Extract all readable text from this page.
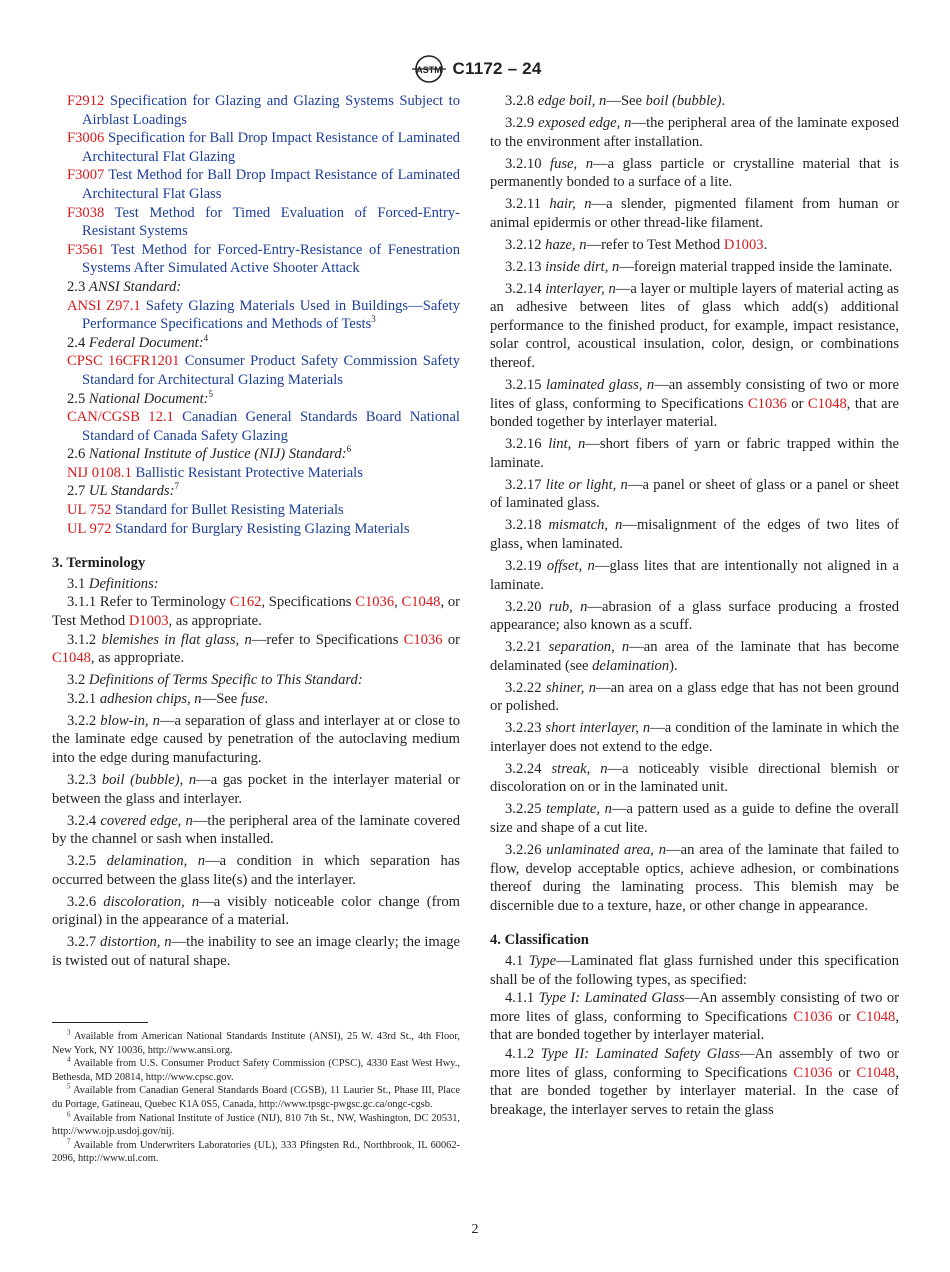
ASTM C1172 – 24
F2912 Specification for Glazing and Glazing Systems Subject to Airblast Loadings
F3006 Specification for Ball Drop Impact Resistance of Laminated Architectural Flat Glazing
F3007 Test Method for Ball Drop Impact Resistance of Laminated Architectural Flat Glass
F3038 Test Method for Timed Evaluation of Forced-Entry-Resistant Systems
F3561 Test Method for Forced-Entry-Resistance of Fenestration Systems After Simulated Active Shooter Attack
2.3 ANSI Standard:
ANSI Z97.1 Safety Glazing Materials Used in Buildings—Safety Performance Specifications and Methods of Tests$^3$
2.4 Federal Document:$^4$
CPSC 16CFR1201 Consumer Product Safety Commission Safety Standard for Architectural Glazing Materials
2.5 National Document:$^5$
CAN/CGSB 12.1 Canadian General Standards Board National Standard of Canada Safety Glazing
2.6 National Institute of Justice (NIJ) Standard:$^6$
NIJ 0108.1 Ballistic Resistant Protective Materials
2.7 UL Standards:$^7$
UL 752 Standard for Bullet Resisting Materials
UL 972 Standard for Burglary Resisting Glazing Materials
3. Terminology
3.1 Definitions:
3.1.1 Refer to Terminology C162, Specifications C1036, C1048, or Test Method D1003, as appropriate.
3.1.2 blemishes in flat glass, n—refer to Specifications C1036 or C1048, as appropriate.
3.2 Definitions of Terms Specific to This Standard:
3.2.1 adhesion chips, n—See fuse.
3.2.2 blow-in, n—a separation of glass and interlayer at or close to the laminate edge caused by penetration of the autoclaving medium into the edge during manufacturing.
3.2.3 boil (bubble), n—a gas pocket in the interlayer material or between the glass and interlayer.
3.2.4 covered edge, n—the peripheral area of the laminate covered by the channel or sash when installed.
3.2.5 delamination, n—a condition in which separation has occurred between the glass lite(s) and the interlayer.
3.2.6 discoloration, n—a visibly noticeable color change (from original) in the appearance of a material.
3.2.7 distortion, n—the inability to see an image clearly; the image is twisted out of natural shape.
3.2.8 edge boil, n—See boil (bubble).
3.2.9 exposed edge, n—the peripheral area of the laminate exposed to the environment after installation.
3.2.10 fuse, n—a glass particle or crystalline material that is permanently bonded to a surface of a lite.
3.2.11 hair, n—a slender, pigmented filament from human or animal epidermis or other thread-like filament.
3.2.12 haze, n—refer to Test Method D1003.
3.2.13 inside dirt, n—foreign material trapped inside the laminate.
3.2.14 interlayer, n—a layer or multiple layers of material acting as an adhesive between lites of glass which add(s) additional performance to the finished product, for example, impact resistance, solar control, acoustical insulation, color, design, or combinations thereof.
3.2.15 laminated glass, n—an assembly consisting of two or more lites of glass, conforming to Specifications C1036 or C1048, that are bonded together by interlayer material.
3.2.16 lint, n—short fibers of yarn or fabric trapped within the laminate.
3.2.17 lite or light, n—a panel or sheet of glass or a panel or sheet of laminated glass.
3.2.18 mismatch, n—misalignment of the edges of two lites of glass, when laminated.
3.2.19 offset, n—glass lites that are intentionally not aligned in a laminate.
3.2.20 rub, n—abrasion of a glass surface producing a frosted appearance; also known as a scuff.
3.2.21 separation, n—an area of the laminate that has become delaminated (see delamination).
3.2.22 shiner, n—an area on a glass edge that has not been ground or polished.
3.2.23 short interlayer, n—a condition of the laminate in which the interlayer does not extend to the edge.
3.2.24 streak, n—a noticeably visible directional blemish or discoloration on or in the laminated unit.
3.2.25 template, n—a pattern used as a guide to define the overall size and shape of a cut lite.
3.2.26 unlaminated area, n—an area of the laminate that failed to flow, develop acceptable optics, achieve adhesion, or combinations thereof during the laminating process. This blemish may be discernible due to a texture, haze, or other change in appearance.
4. Classification
4.1 Type—Laminated flat glass furnished under this specification shall be of the following types, as specified:
4.1.1 Type I: Laminated Glass—An assembly consisting of two or more lites of glass, conforming to Specifications C1036 or C1048, that are bonded together by interlayer material.
4.1.2 Type II: Laminated Safety Glass—An assembly of two or more lites of glass, conforming to Specifications C1036 or C1048, that are bonded together by interlayer material. In the case of breakage, the interlayer serves to retain the glass
$^3$ Available from American National Standards Institute (ANSI), 25 W. 43rd St., 4th Floor, New York, NY 10036, http://www.ansi.org.
$^4$ Available from U.S. Consumer Product Safety Commission (CPSC), 4330 East West Hwy., Bethesda, MD 20814, http://www.cpsc.gov.
$^5$ Available from Canadian General Standards Board (CGSB), 11 Laurier St., Phase III, Place du Portage, Gatineau, Quebec K1A 0S5, Canada, http://www.tpsgc-pwgsc.gc.ca/ongc-cgsb.
$^6$ Available from National Institute of Justice (NIJ), 810 7th St., NW, Washington, DC 20531, http://www.ojp.usdoj.gov/nij.
$^7$ Available from Underwriters Laboratories (UL), 333 Pfingsten Rd., Northbrook, IL 60062-2096, http://www.ul.com.
2
